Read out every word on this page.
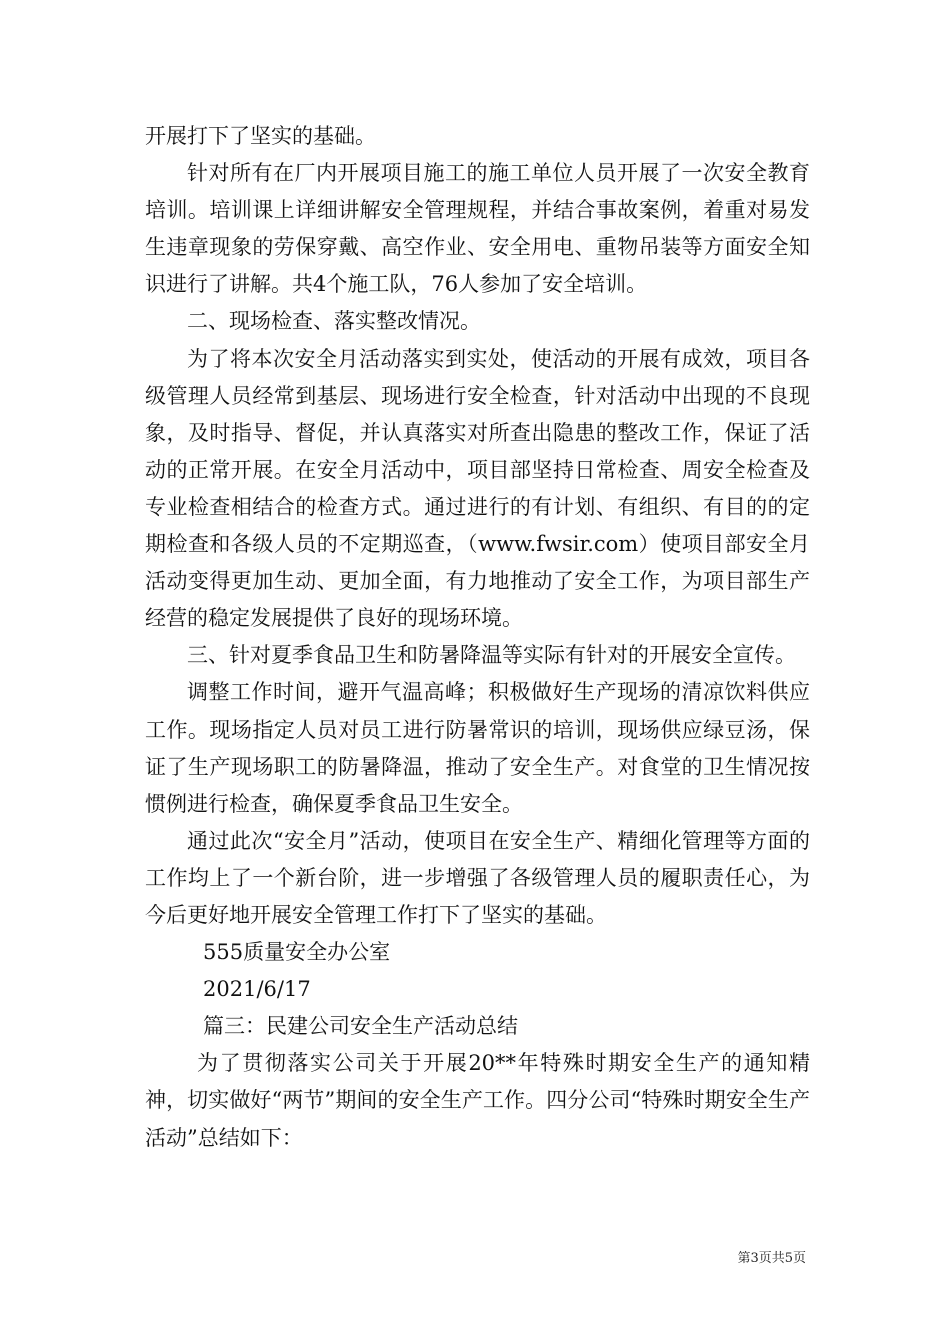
开展打下了坚实的基础。

针对所有在厂内开展项目施工的施工单位人员开展了一次安全教育培训。培训课上详细讲解安全管理规程，并结合事故案例，着重对易发生违章现象的劳保穿戴、高空作业、安全用电、重物吊装等方面安全知识进行了讲解。共4个施工队，76人参加了安全培训。

二、现场检查、落实整改情况。

为了将本次安全月活动落实到实处，使活动的开展有成效，项目各级管理人员经常到基层、现场进行安全检查，针对活动中出现的不良现象，及时指导、督促，并认真落实对所查出隐患的整改工作，保证了活动的正常开展。在安全月活动中，项目部坚持日常检查、周安全检查及专业检查相结合的检查方式。通过进行的有计划、有组织、有目的的定期检查和各级人员的不定期巡查，（www.fwsir.com）使项目部安全月活动变得更加生动、更加全面，有力地推动了安全工作，为项目部生产经营的稳定发展提供了良好的现场环境。

三、针对夏季食品卫生和防暑降温等实际有针对的开展安全宣传。

调整工作时间，避开气温高峰；积极做好生产现场的清凉饮料供应工作。现场指定人员对员工进行防暑常识的培训，现场供应绿豆汤，保证了生产现场职工的防暑降温，推动了安全生产。对食堂的卫生情况按惯例进行检查，确保夏季食品卫生安全。

通过此次“安全月”活动，使项目在安全生产、精细化管理等方面的工作均上了一个新台阶，进一步增强了各级管理人员的履职责任心，为今后更好地开展安全管理工作打下了坚实的基础。

555质量安全办公室

2021/6/17

篇三：民建公司安全生产活动总结

为了贯彻落实公司关于开展20**年特殊时期安全生产的通知精神，切实做好“两节”期间的安全生产工作。四分公司“特殊时期安全生产活动”总结如下：

第3页共5页
